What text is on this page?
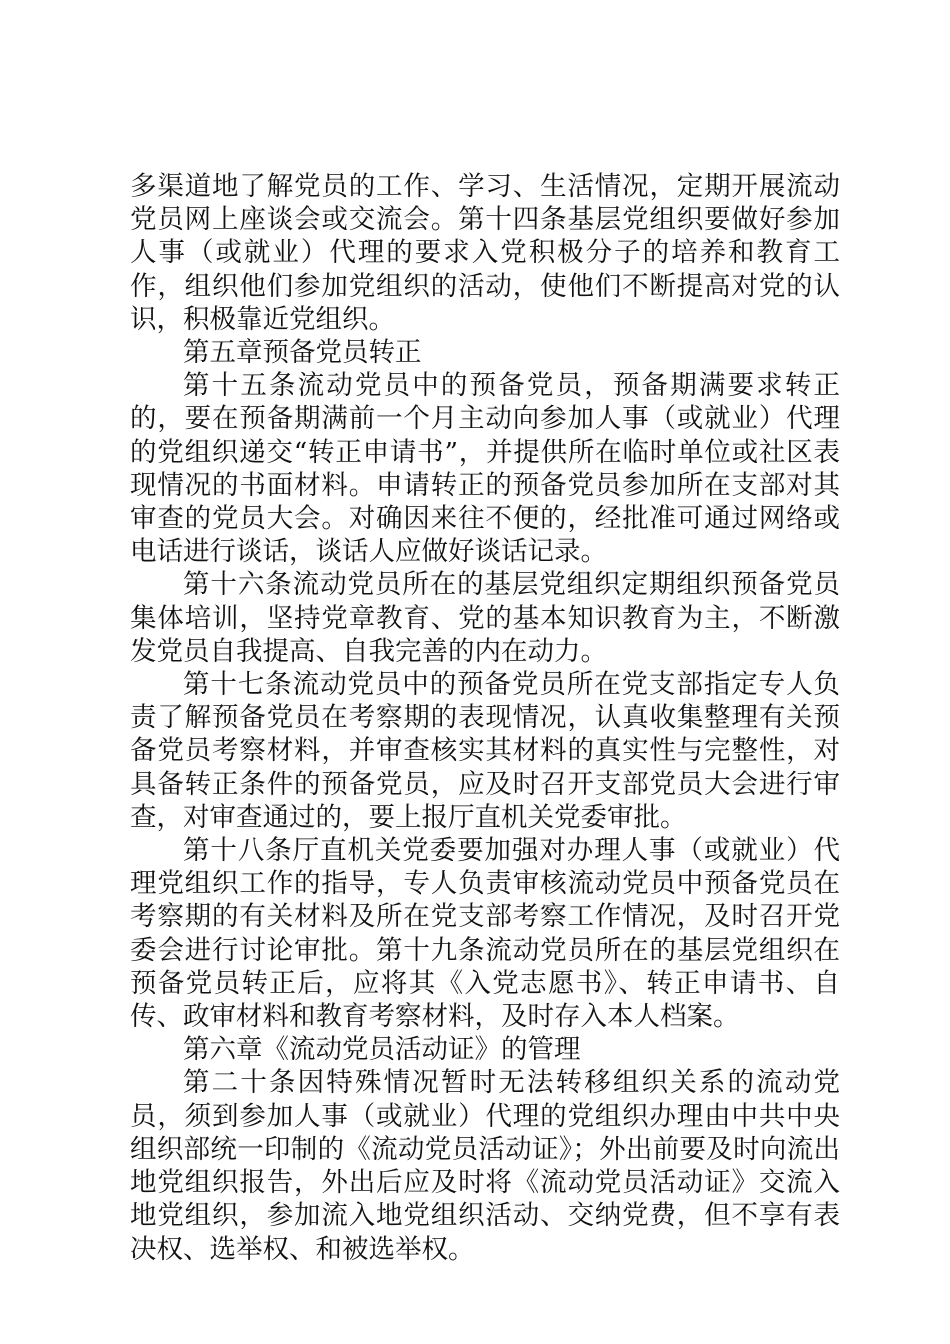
多渠道地了解党员的工作、学习、生活情况，定期开展流动党员网上座谈会或交流会。第十四条基层党组织要做好参加人事（或就业）代理的要求入党积极分子的培养和教育工作，组织他们参加党组织的活动，使他们不断提高对党的认识，积极靠近党组织。

第五章预备党员转正

第十五条流动党员中的预备党员，预备期满要求转正的，要在预备期满前一个月主动向参加人事（或就业）代理的党组织递交“转正申请书”，并提供所在临时单位或社区表现情况的书面材料。申请转正的预备党员参加所在支部对其审查的党员大会。对确因来往不便的，经批准可通过网络或电话进行谈话，谈话人应做好谈话记录。

第十六条流动党员所在的基层党组织定期组织预备党员集体培训，坚持党章教育、党的基本知识教育为主，不断激发党员自我提高、自我完善的内在动力。

第十七条流动党员中的预备党员所在党支部指定专人负责了解预备党员在考察期的表现情况，认真收集整理有关预备党员考察材料，并审查核实其材料的真实性与完整性，对具备转正条件的预备党员，应及时召开支部党员大会进行审查，对审查通过的，要上报厅直机关党委审批。

第十八条厅直机关党委要加强对办理人事（或就业）代理党组织工作的指导，专人负责审核流动党员中预备党员在考察期的有关材料及所在党支部考察工作情况，及时召开党委会进行讨论审批。第十九条流动党员所在的基层党组织在预备党员转正后，应将其《入党志愿书》、转正申请书、自传、政审材料和教育考察材料，及时存入本人档案。

第六章《流动党员活动证》的管理

第二十条因特殊情况暂时无法转移组织关系的流动党员，须到参加人事（或就业）代理的党组织办理由中共中央组织部统一印制的《流动党员活动证》；外出前要及时向流出地党组织报告，外出后应及时将《流动党员活动证》交流入地党组织，参加流入地党组织活动、交纳党费，但不享有表决权、选举权、和被选举权。
